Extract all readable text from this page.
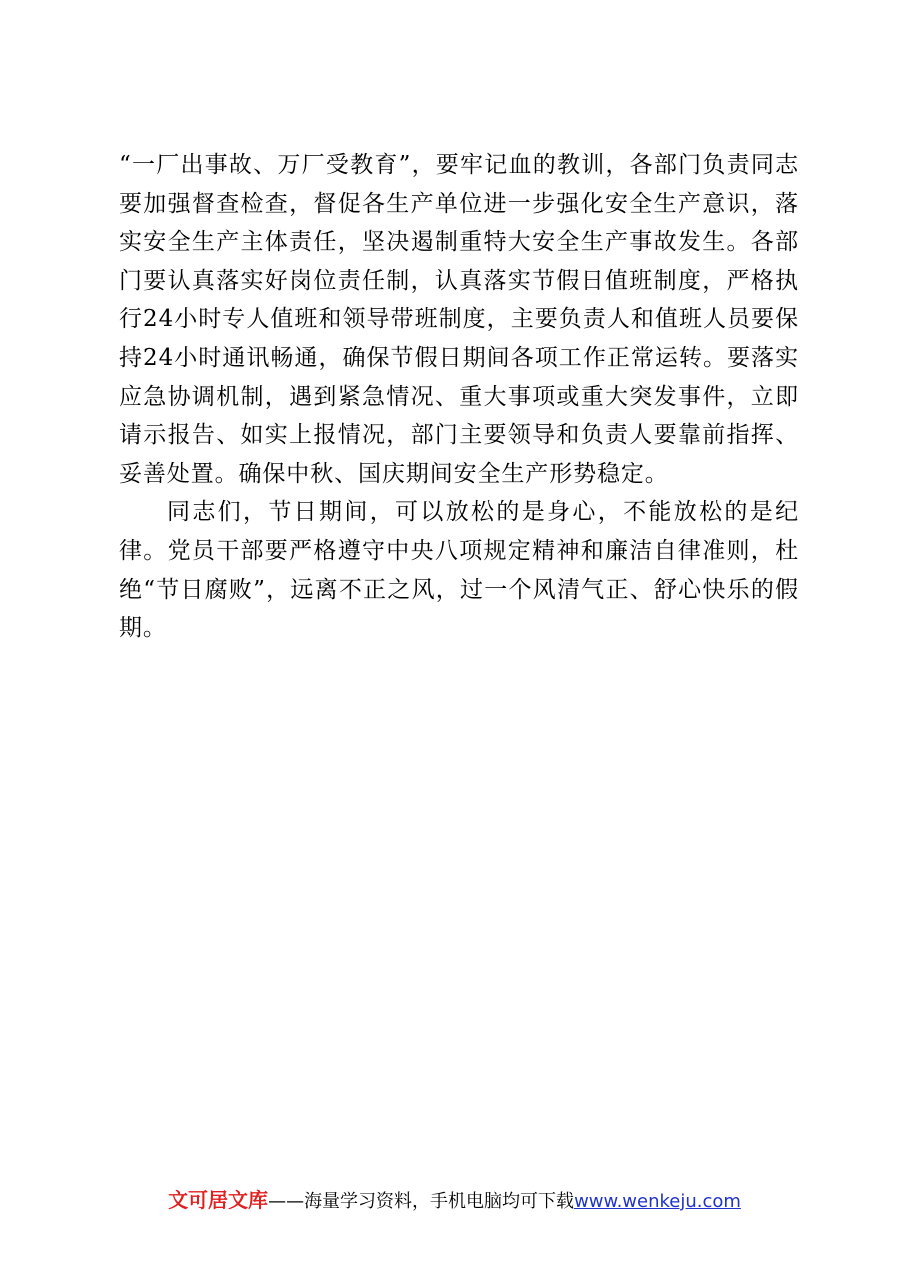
“一厂出事故、万厂受教育”，要牢记血的教训，各部门负责同志要加强督查检查，督促各生产单位进一步强化安全生产意识，落实安全生产主体责任，坚决遏制重特大安全生产事故发生。各部门要认真落实好岗位责任制，认真落实节假日值班制度，严格执行24小时专人值班和领导带班制度，主要负责人和值班人员要保持24小时通讯畅通，确保节假日期间各项工作正常运转。要落实应急协调机制，遇到紧急情况、重大事项或重大突发事件，立即请示报告、如实上报情况，部门主要领导和负责人要靠前指挥、妥善处置。确保中秋、国庆期间安全生产形势稳定。

同志们，节日期间，可以放松的是身心，不能放松的是纪律。党员干部要严格遵守中央八项规定精神和廉洁自律准则，杜绝“节日腐败”，远离不正之风，过一个风清气正、舒心快乐的假期。

文可居文库——海量学习资料，手机电脑均可下载www.wenkeju.com
